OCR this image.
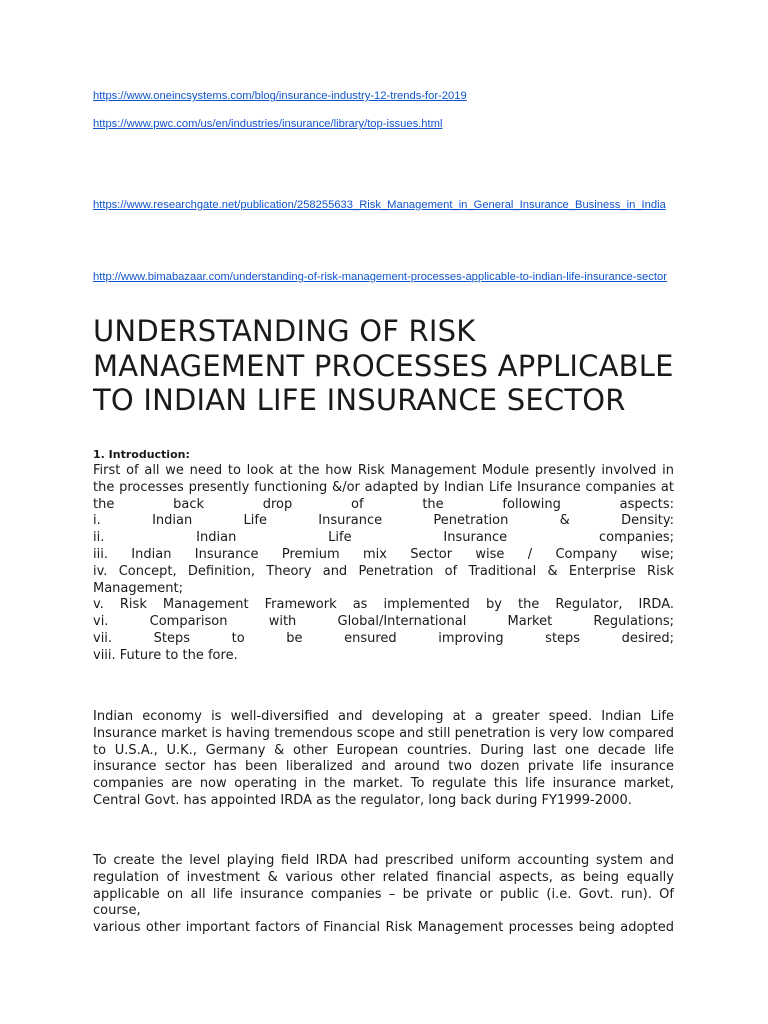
https://www.oneincsystems.com/blog/insurance-industry-12-trends-for-2019
https://www.pwc.com/us/en/industries/insurance/library/top-issues.html
https://www.researchgate.net/publication/258255633_Risk_Management_in_General_Insurance_Business_in_India
http://www.bimabazaar.com/understanding-of-risk-management-processes-applicable-to-indian-life-insurance-sector
UNDERSTANDING OF RISK MANAGEMENT PROCESSES APPLICABLE TO INDIAN LIFE INSURANCE SECTOR
1. Introduction:
First of all we need to look at the how Risk Management Module presently involved in
the processes presently functioning &/or adapted by Indian Life Insurance companies at
the back drop of the following aspects:
i. Indian Life Insurance Penetration & Density:
ii. Indian Life Insurance companies;
iii. Indian Insurance Premium mix Sector wise / Company wise;
iv. Concept, Definition, Theory and Penetration of Traditional & Enterprise Risk
Management;
v. Risk Management Framework as implemented by the Regulator, IRDA.
vi. Comparison with Global/International Market Regulations;
vii. Steps to be ensured improving steps desired;
viii. Future to the fore.
Indian economy is well-diversified and developing at a greater speed. Indian Life
Insurance market is having tremendous scope and still penetration is very low compared
to U.S.A., U.K., Germany & other European countries. During last one decade life
insurance sector has been liberalized and around two dozen private life insurance
companies are now operating in the market. To regulate this life insurance market,
Central Govt. has appointed IRDA as the regulator, long back during FY1999-2000.
To create the level playing field IRDA had prescribed uniform accounting system and
regulation of investment & various other related financial aspects, as being equally
applicable on all life insurance companies – be private or public (i.e. Govt. run). Of course,
various other important factors of Financial Risk Management processes being adopted
